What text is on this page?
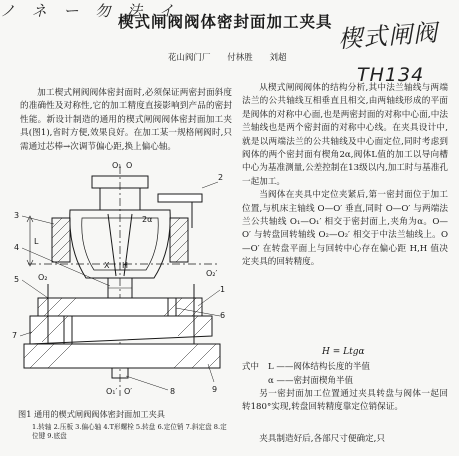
ノ ネ ー 勿 法 イ
楔式闸阀阀体密封面加工夹具 楔式闸阀
TH134
花山阀门厂 付林胜 刘超

加工楔式闸阀阀体密封面时,必须保证两密封面斜度的准确性及对称性,它的加工精度直接影响到产品的密封性能。新设计制造的通用的楔式闸阀阀体密封面加工夹具(图1),省时方便,效果良好。在加工某一规格闸阀时,只需通过芯棒→次调节偏心距,换上偏心轴。

从楔式闸阀阀体的结构分析,其中法兰轴线与两端法兰的公共轴线互相垂直且相交,由两轴线形成的平面是阀体的对称中心面,也是两密封面的对称中心面,中法兰轴线也是两个密封面的对称中心线。在夹具设计中,就是以两端法兰的公共轴线及中心面定位,同时考虑到阀体的两个密封面有楔角2α,阀体L值的加工以导向槽中心为基准测量,公差控制在13级以内,加工时与基准孔一起加工。

当阀体在夹具中定位夹紧后,第一密封面位于加工位置,与机床主轴线 O—O′ 垂直,同时 O—O′ 与两端法兰公共轴线 O₁—O₁′ 相交于密封面上,夹角为α。O—O′ 与转盘回转轴线 O₂—O₂′ 相交于中法兰轴线上。O—O′ 在转盘平面上与回转中心存在偏心距 H,H 值决定夹具的回转精度。

H = Ltgα
式中 L ——阀体结构长度的半值
α ——密封面楔角半值

另一密封面加工位置通过夹具转盘与阀体一起回转180°实现,转盘回转精度靠定位销保证。

夹具制造好后,各部尺寸便确定,只

O₁ O
2α
X H
L
O₂
O₁′ O′
O₂′
3
2
4
5
1
6
7
8	9
图1 通用的楔式闸阀阀体密封面加工夹具
1.转轴 2.压板 3.偏心轴 4.T形螺栓 5.转盘 6.定位销 7.斜定盘 8.定位键 9.底盘
